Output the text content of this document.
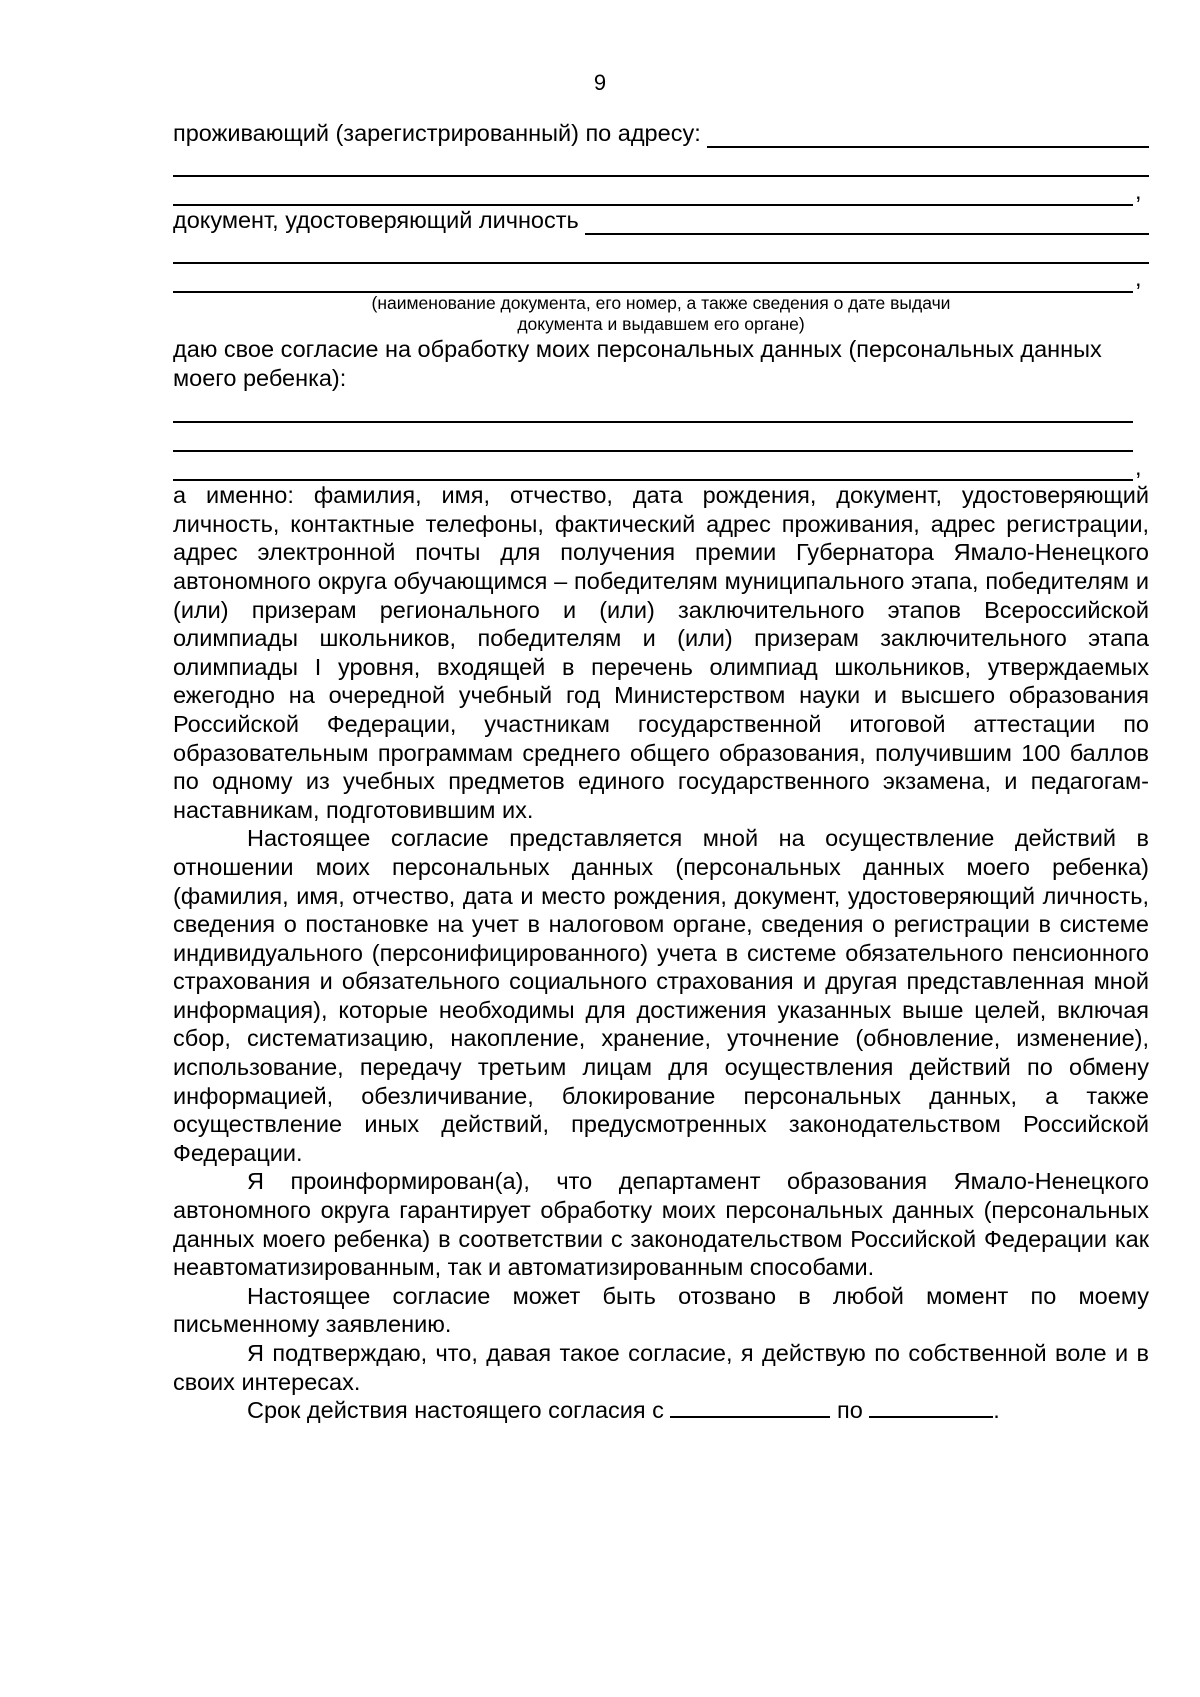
9
проживающий (зарегистрированный) по адресу:
,
документ, удостоверяющий личность
,
(наименование документа, его номер, а также сведения о дате выдачи
документа и выдавшем его органе)

даю свое согласие на обработку моих персональных данных (персональных данных моего ребенка):

,

а именно: фамилия, имя, отчество, дата рождения, документ, удостоверяющий личность, контактные телефоны, фактический адрес проживания, адрес регистрации, адрес электронной почты для получения премии Губернатора Ямало-Ненецкого автономного округа обучающимся – победителям муниципального этапа, победителям и (или) призерам регионального и (или) заключительного этапов Всероссийской олимпиады школьников, победителям и (или) призерам заключительного этапа олимпиады I уровня, входящей в перечень олимпиад школьников, утверждаемых ежегодно на очередной учебный год Министерством науки и высшего образования Российской Федерации, участникам государственной итоговой аттестации по образовательным программам среднего общего образования, получившим 100 баллов по одному из учебных предметов единого государственного экзамена, и педагогам-наставникам, подготовившим их.

Настоящее согласие представляется мной на осуществление действий в отношении моих персональных данных (персональных данных моего ребенка) (фамилия, имя, отчество, дата и место рождения, документ, удостоверяющий личность, сведения о постановке на учет в налоговом органе, сведения о регистрации в системе индивидуального (персонифицированного) учета в системе обязательного пенсионного страхования и обязательного социального страхования и другая представленная мной информация), которые необходимы для достижения указанных выше целей, включая сбор, систематизацию, накопление, хранение, уточнение (обновление, изменение), использование, передачу третьим лицам для осуществления действий по обмену информацией, обезличивание, блокирование персональных данных, а также осуществление иных действий, предусмотренных законодательством Российской Федерации.

Я проинформирован(а), что департамент образования Ямало-Ненецкого автономного округа гарантирует обработку моих персональных данных (персональных данных моего ребенка) в соответствии с законодательством Российской Федерации как неавтоматизированным, так и автоматизированным способами.

Настоящее согласие может быть отозвано в любой момент по моему письменному заявлению.

Я подтверждаю, что, давая такое согласие, я действую по собственной воле и в своих интересах.

Срок действия настоящего согласия с	по	.
